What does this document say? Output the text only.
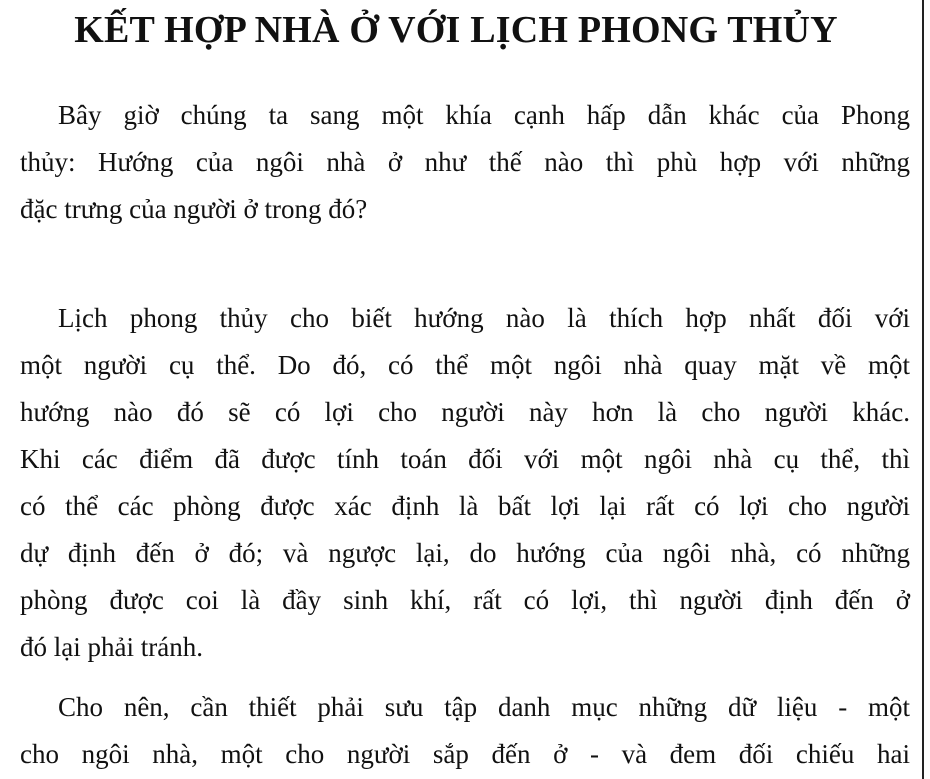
KẾT HỢP NHÀ Ở VỚI LỊCH PHONG THỦY

Bây giờ chúng ta sang một khía cạnh hấp dẫn khác của Phong
thủy: Hướng của ngôi nhà ở như thế nào thì phù hợp với những
đặc trưng của người ở trong đó?

Lịch phong thủy cho biết hướng nào là thích hợp nhất đối với
một người cụ thể. Do đó, có thể một ngôi nhà quay mặt về một
hướng nào đó sẽ có lợi cho người này hơn là cho người khác.
Khi các điểm đã được tính toán đối với một ngôi nhà cụ thể, thì
có thể các phòng được xác định là bất lợi lại rất có lợi cho người
dự định đến ở đó; và ngược lại, do hướng của ngôi nhà, có những
phòng được coi là đầy sinh khí, rất có lợi, thì người định đến ở
đó lại phải tránh.

Cho nên, cần thiết phải sưu tập danh mục những dữ liệu - một
cho ngôi nhà, một cho người sắp đến ở - và đem đối chiếu hai
